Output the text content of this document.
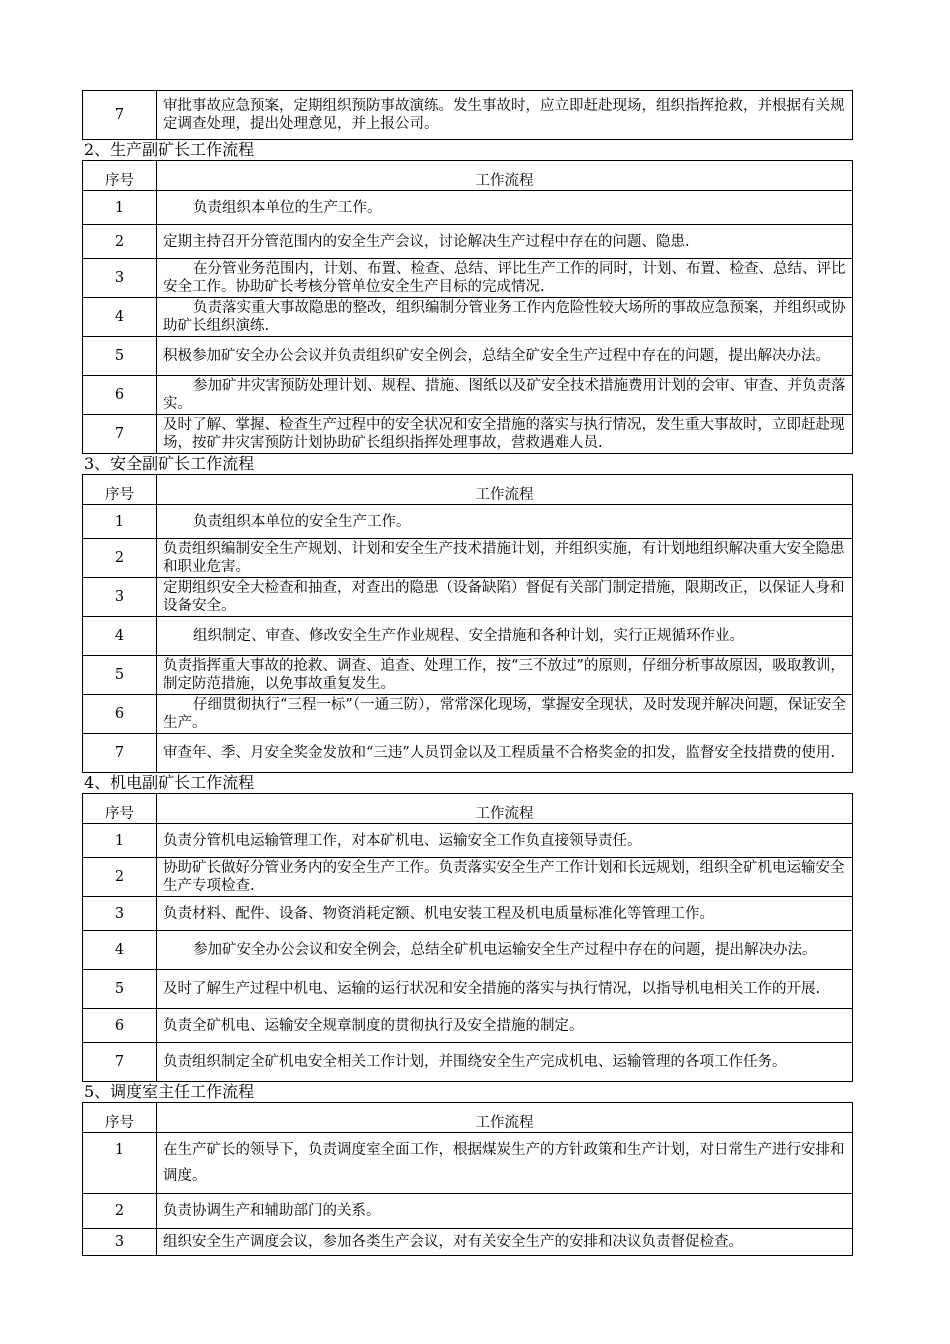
7	审批事故应急预案，定期组织预防事故演练。发生事故时，应立即赶赴现场，组织指挥抢救，并根据有关规定调查处理，提出处理意见，并上报公司。

2、生产副矿长工作流程

序号	工作流程
1	负责组织本单位的生产工作。
2	定期主持召开分管范围内的安全生产会议，讨论解决生产过程中存在的问题、隐患.
3	在分管业务范围内，计划、布置、检查、总结、评比生产工作的同时，计划、布置、检查、总结、评比安全工作。协助矿长考核分管单位安全生产目标的完成情况.
4	负责落实重大事故隐患的整改，组织编制分管业务工作内危险性较大场所的事故应急预案，并组织或协助矿长组织演练.
5	积极参加矿安全办公会议并负责组织矿安全例会，总结全矿安全生产过程中存在的问题，提出解决办法。
6	参加矿井灾害预防处理计划、规程、措施、图纸以及矿安全技术措施费用计划的会审、审查、并负责落实。
7	及时了解、掌握、检查生产过程中的安全状况和安全措施的落实与执行情况，发生重大事故时，立即赶赴现场，按矿井灾害预防计划协助矿长组织指挥处理事故，营救遇难人员.

3、安全副矿长工作流程

序号	工作流程
1	负责组织本单位的安全生产工作。
2	负责组织编制安全生产规划、计划和安全生产技术措施计划，并组织实施，有计划地组织解决重大安全隐患和职业危害。
3	定期组织安全大检查和抽查，对查出的隐患（设备缺陷）督促有关部门制定措施，限期改正，以保证人身和设备安全。
4	组织制定、审查、修改安全生产作业规程、安全措施和各种计划，实行正规循环作业。
5	负责指挥重大事故的抢救、调查、追查、处理工作，按“三不放过”的原则，仔细分析事故原因，吸取教训，制定防范措施，以免事故重复发生。
6	仔细贯彻执行“三程一标”（一通三防），常常深化现场，掌握安全现状，及时发现并解决问题，保证安全生产。
7	审查年、季、月安全奖金发放和“三违”人员罚金以及工程质量不合格奖金的扣发，监督安全技措费的使用.

4、机电副矿长工作流程

序号	工作流程
1	负责分管机电运输管理工作，对本矿机电、运输安全工作负直接领导责任。
2	协助矿长做好分管业务内的安全生产工作。负责落实安全生产工作计划和长远规划，组织全矿机电运输安全生产专项检查.
3	负责材料、配件、设备、物资消耗定额、机电安装工程及机电质量标准化等管理工作。
4	参加矿安全办公会议和安全例会，总结全矿机电运输安全生产过程中存在的问题，提出解决办法。
5	及时了解生产过程中机电、运输的运行状况和安全措施的落实与执行情况，以指导机电相关工作的开展.
6	负责全矿机电、运输安全规章制度的贯彻执行及安全措施的制定。
7	负责组织制定全矿机电安全相关工作计划，并围绕安全生产完成机电、运输管理的各项工作任务。

5、调度室主任工作流程

序号	工作流程
1	在生产矿长的领导下，负责调度室全面工作，根据煤炭生产的方针政策和生产计划，对日常生产进行安排和调度。
2	负责协调生产和辅助部门的关系。
3	组织安全生产调度会议，参加各类生产会议，对有关安全生产的安排和决议负责督促检查。
